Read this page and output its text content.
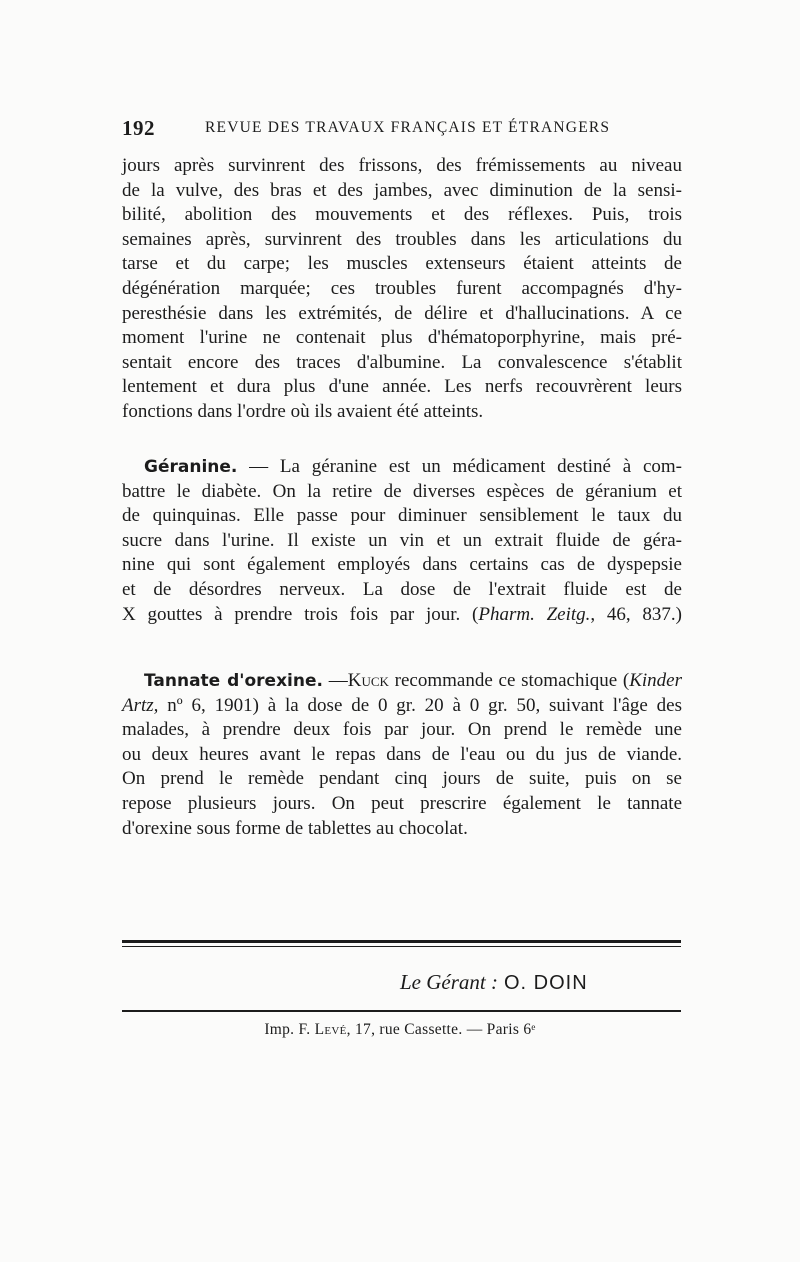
192	REVUE DES TRAVAUX FRANÇAIS ET ÉTRANGERS
jours après survinrent des frissons, des frémissements au niveau
de la vulve, des bras et des jambes, avec diminution de la sensi-
bilité, abolition des mouvements et des réflexes. Puis, trois
semaines après, survinrent des troubles dans les articulations du
tarse et du carpe; les muscles extenseurs étaient atteints de
dégénération marquée; ces troubles furent accompagnés d'hy-
peresthésie dans les extrémités, de délire et d'hallucinations. A ce
moment l'urine ne contenait plus d'hématoporphyrine, mais pré-
sentait encore des traces d'albumine. La convalescence s'établit
lentement et dura plus d'une année. Les nerfs recouvrèrent leurs
fonctions dans l'ordre où ils avaient été atteints.
Géranine. — La géranine est un médicament destiné à com-
battre le diabète. On la retire de diverses espèces de géranium et
de quinquinas. Elle passe pour diminuer sensiblement le taux du
sucre dans l'urine. Il existe un vin et un extrait fluide de géra-
nine qui sont également employés dans certains cas de dyspepsie
et de désordres nerveux. La dose de l'extrait fluide est de
X gouttes à prendre trois fois par jour. (Pharm. Zeitg., 46, 837.)
Tannate d'orexine. —Kuck recommande ce stomachique (Kinder
Artz, nº 6, 1901) à la dose de 0 gr. 20 à 0 gr. 50, suivant l'âge des
malades, à prendre deux fois par jour. On prend le remède une
ou deux heures avant le repas dans de l'eau ou du jus de viande.
On prend le remède pendant cinq jours de suite, puis on se
repose plusieurs jours. On peut prescrire également le tannate
d'orexine sous forme de tablettes au chocolat.
Le Gérant : O. DOIN
Imp. F. Levé, 17, rue Cassette. — Paris 6ᵉ
